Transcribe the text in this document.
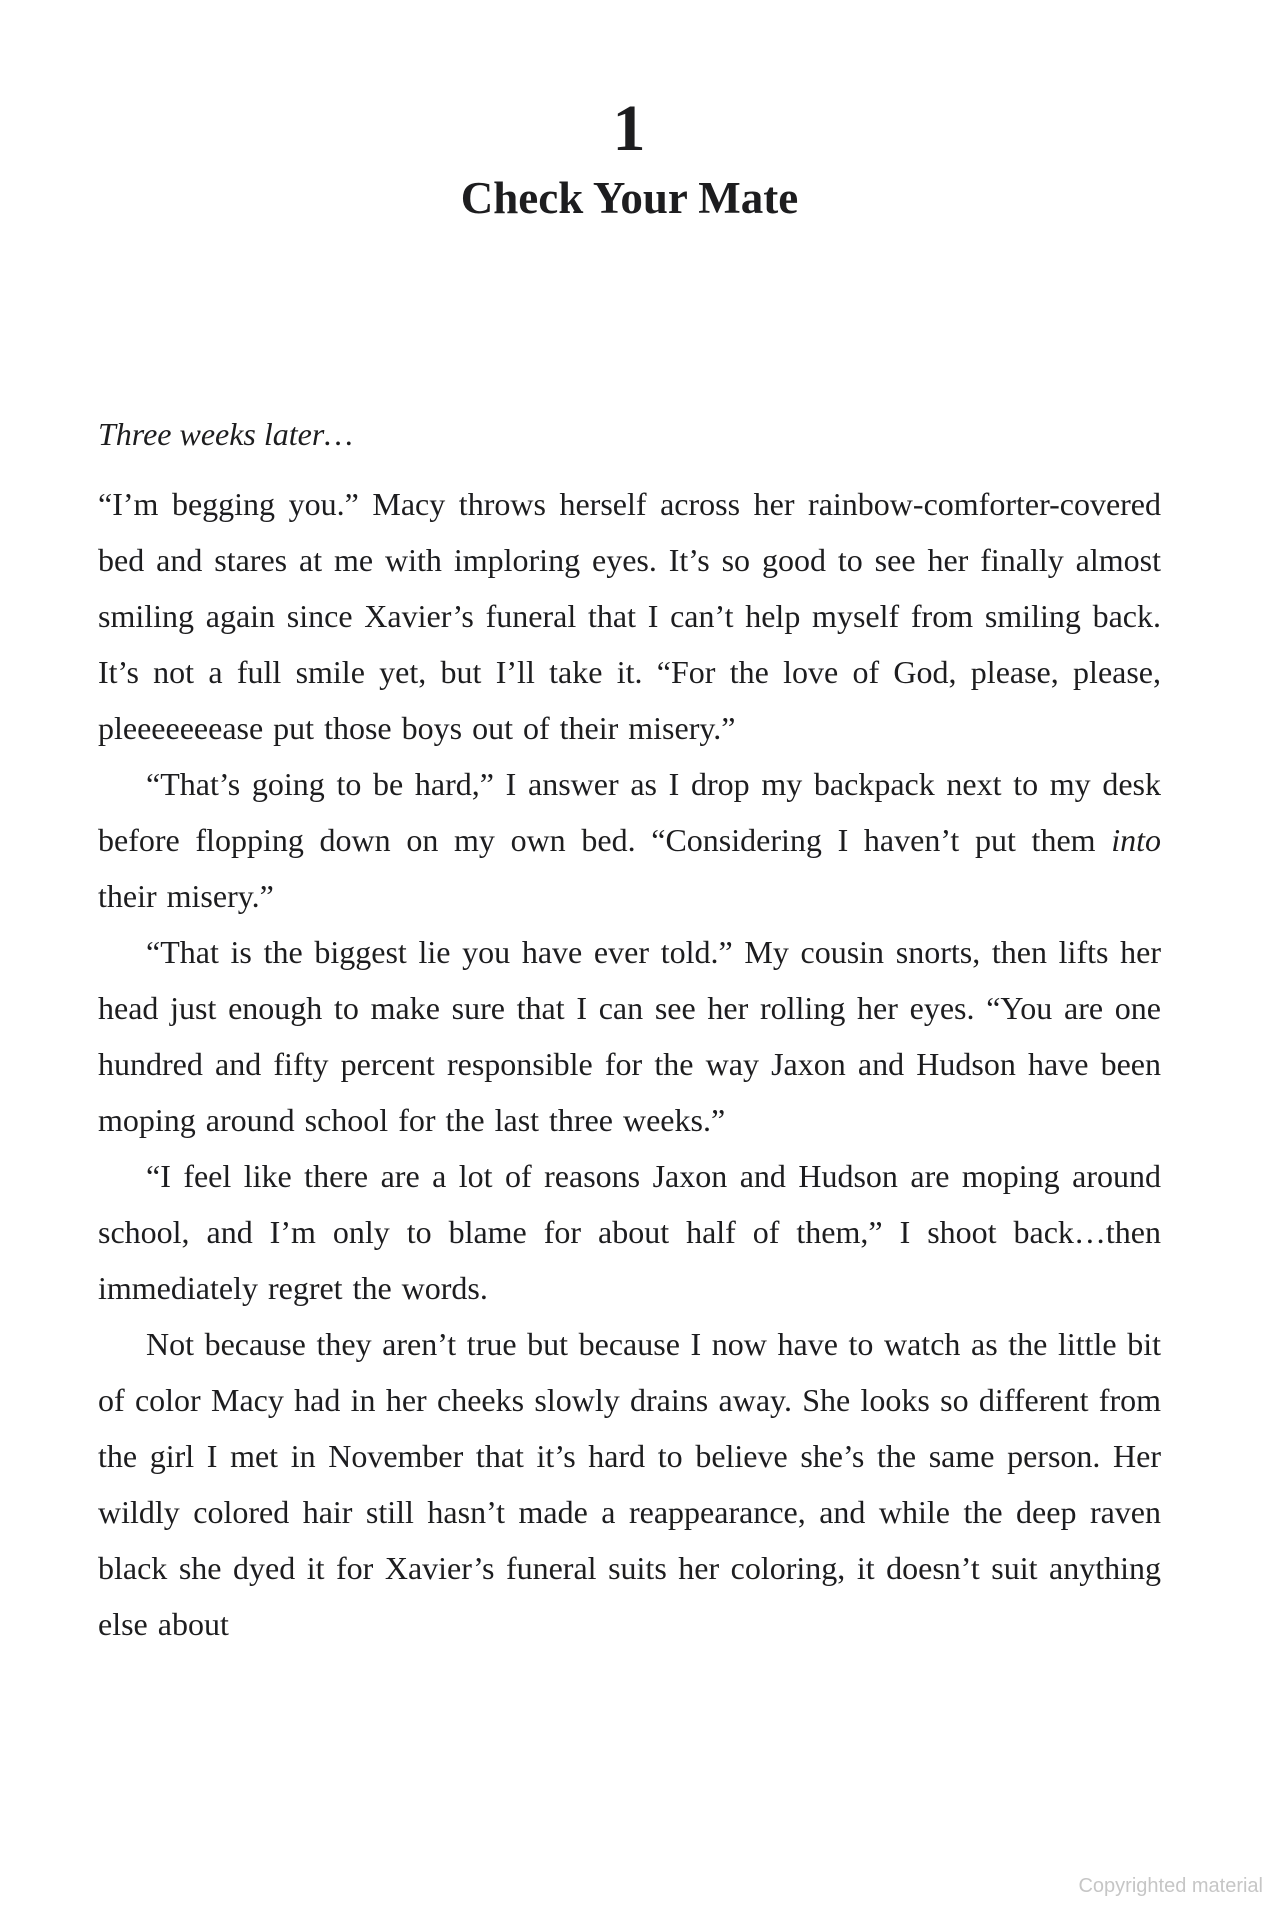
1
Check Your Mate

Three weeks later…

“I’m begging you.” Macy throws herself across her rainbow-comforter-covered bed and stares at me with imploring eyes. It’s so good to see her finally almost smiling again since Xavier’s funeral that I can’t help myself from smiling back. It’s not a full smile yet, but I’ll take it. “For the love of God, please, please, pleeeeeeease put those boys out of their misery.”

“That’s going to be hard,” I answer as I drop my backpack next to my desk before flopping down on my own bed. “Considering I haven’t put them into their misery.”

“That is the biggest lie you have ever told.” My cousin snorts, then lifts her head just enough to make sure that I can see her rolling her eyes. “You are one hundred and fifty percent responsible for the way Jaxon and Hudson have been moping around school for the last three weeks.”

“I feel like there are a lot of reasons Jaxon and Hudson are moping around school, and I’m only to blame for about half of them,” I shoot back…then immediately regret the words.

Not because they aren’t true but because I now have to watch as the little bit of color Macy had in her cheeks slowly drains away. She looks so different from the girl I met in November that it’s hard to believe she’s the same person. Her wildly colored hair still hasn’t made a reappearance, and while the deep raven black she dyed it for Xavier’s funeral suits her coloring, it doesn’t suit anything else about

Copyrighted material
